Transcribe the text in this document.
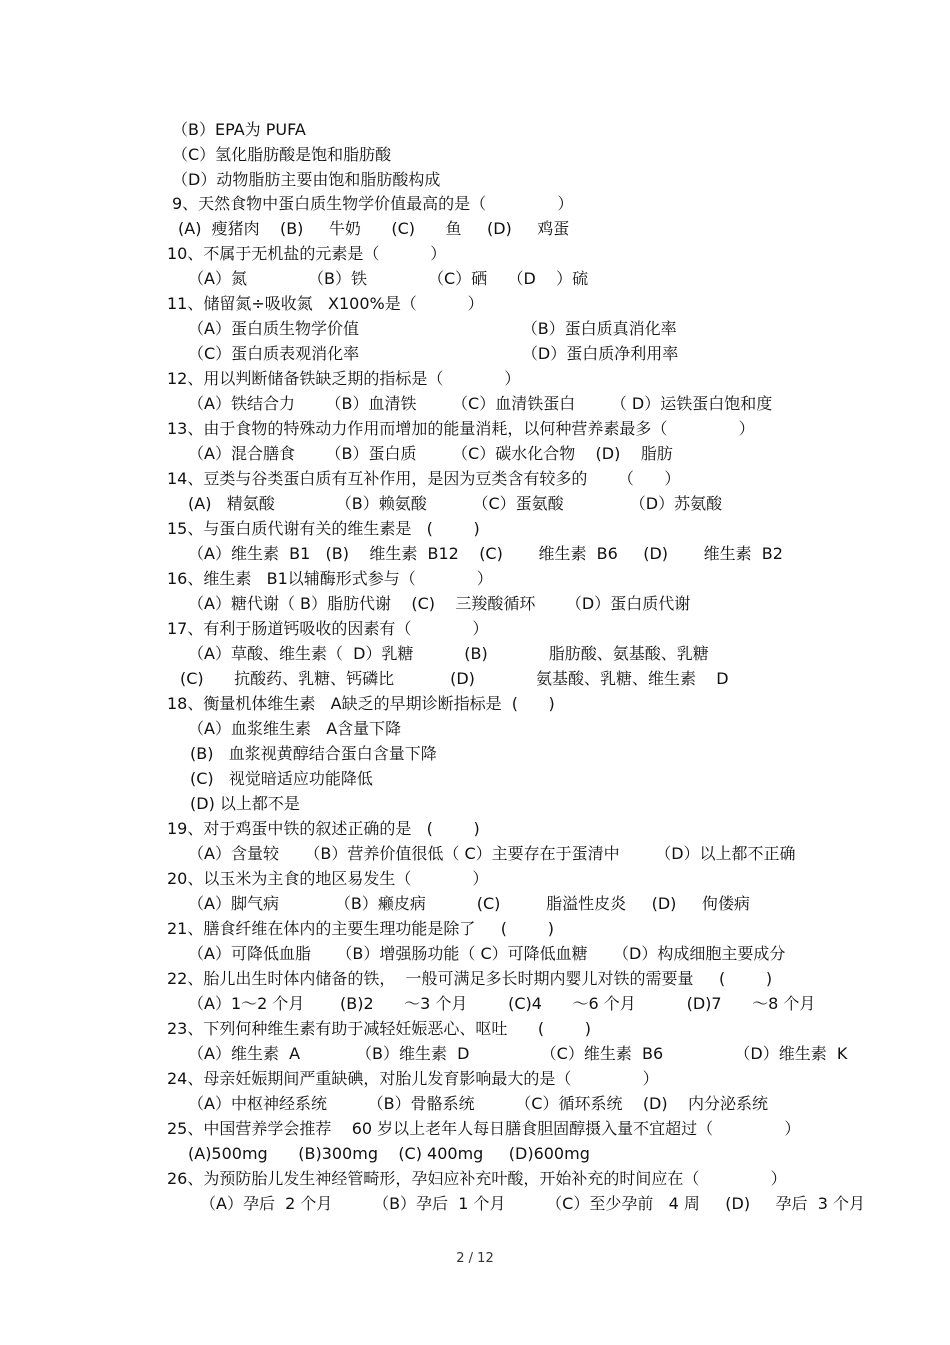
（B）EPA为 PUFA
（C）氢化脂肪酸是饱和脂肪酸
（D）动物脂肪主要由饱和脂肪酸构成
9、天然食物中蛋白质生物学价值最高的是（              ）
(A)  瘦猪肉    (B)     牛奶      (C)      鱼     (D)     鸡蛋
10、不属于无机盐的元素是（          ）
（A）氮            （B）铁            （C）硒    （D    ）硫
11、储留氮÷吸收氮   X100%是（          ）
（A）蛋白质生物学价值                                （B）蛋白质真消化率
（C）蛋白质表观消化率                                （D）蛋白质净利用率
12、用以判断储备铁缺乏期的指标是（            ）
（A）铁结合力      （B）血清铁       （C）血清铁蛋白       （ D）运铁蛋白饱和度
13、由于食物的特殊动力作用而增加的能量消耗，以何种营养素最多（              ）
（A）混合膳食      （B）蛋白质       （C）碳水化合物    (D)    脂肪
14、豆类与谷类蛋白质有互补作用，是因为豆类含有较多的      （      ）
(A)   精氨酸            （B）赖氨酸         （C）蛋氨酸             （D）苏氨酸
15、与蛋白质代谢有关的维生素是   (        )
（A）维生素  B1   (B)    维生素  B12    (C)       维生素  B6     (D)       维生素  B2
16、维生素   B1以辅酶形式参与（            ）
（A）糖代谢（ B）脂肪代谢    (C)    三羧酸循环      （D）蛋白质代谢
17、有利于肠道钙吸收的因素有（            ）
（A）草酸、维生素（  D）乳糖          (B)            脂肪酸、氨基酸、乳糖
(C)      抗酸药、乳糖、钙磷比           (D)            氨基酸、乳糖、维生素    D
18、衡量机体维生素   A缺乏的早期诊断指标是  (      )
（A）血浆维生素   A含量下降
(B)   血浆视黄醇结合蛋白含量下降
(C)   视觉暗适应功能降低
(D) 以上都不是
19、对于鸡蛋中铁的叙述正确的是   (        )
（A）含量较     （B）营养价值很低（ C）主要存在于蛋清中       （D）以上都不正确
20、以玉米为主食的地区易发生（            ）
（A）脚气病           （B）癞皮病          (C)         脂溢性皮炎     (D)     佝偻病
21、膳食纤维在体内的主要生理功能是除了     (        )
（A）可降低血脂     （B）增强肠功能（ C）可降低血糖     （D）构成细胞主要成分
22、胎儿出生时体内储备的铁，  一般可满足多长时期内婴儿对铁的需要量     (        )
（A）1～2 个月       (B)2      ～3 个月        (C)4      ～6 个月          (D)7      ～8 个月
23、下列何种维生素有助于减轻妊娠恶心、呕吐      (        )
（A）维生素  A           （B）维生素  D              （C）维生素  B6              （D）维生素  K
24、母亲妊娠期间严重缺碘，对胎儿发育影响最大的是（              ）
（A）中枢神经系统        （B）骨骼系统        （C）循环系统    (D)    内分泌系统
25、中国营养学会推荐    60 岁以上老年人每日膳食胆固醇摄入量不宜超过（              ）
(A)500mg      (B)300mg    (C) 400mg     (D)600mg
26、为预防胎儿发生神经管畸形，孕妇应补充叶酸，开始补充的时间应在（              ）
（A）孕后  2 个月        （B）孕后  1 个月        （C）至少孕前   4 周     (D)     孕后  3 个月
2 / 12
